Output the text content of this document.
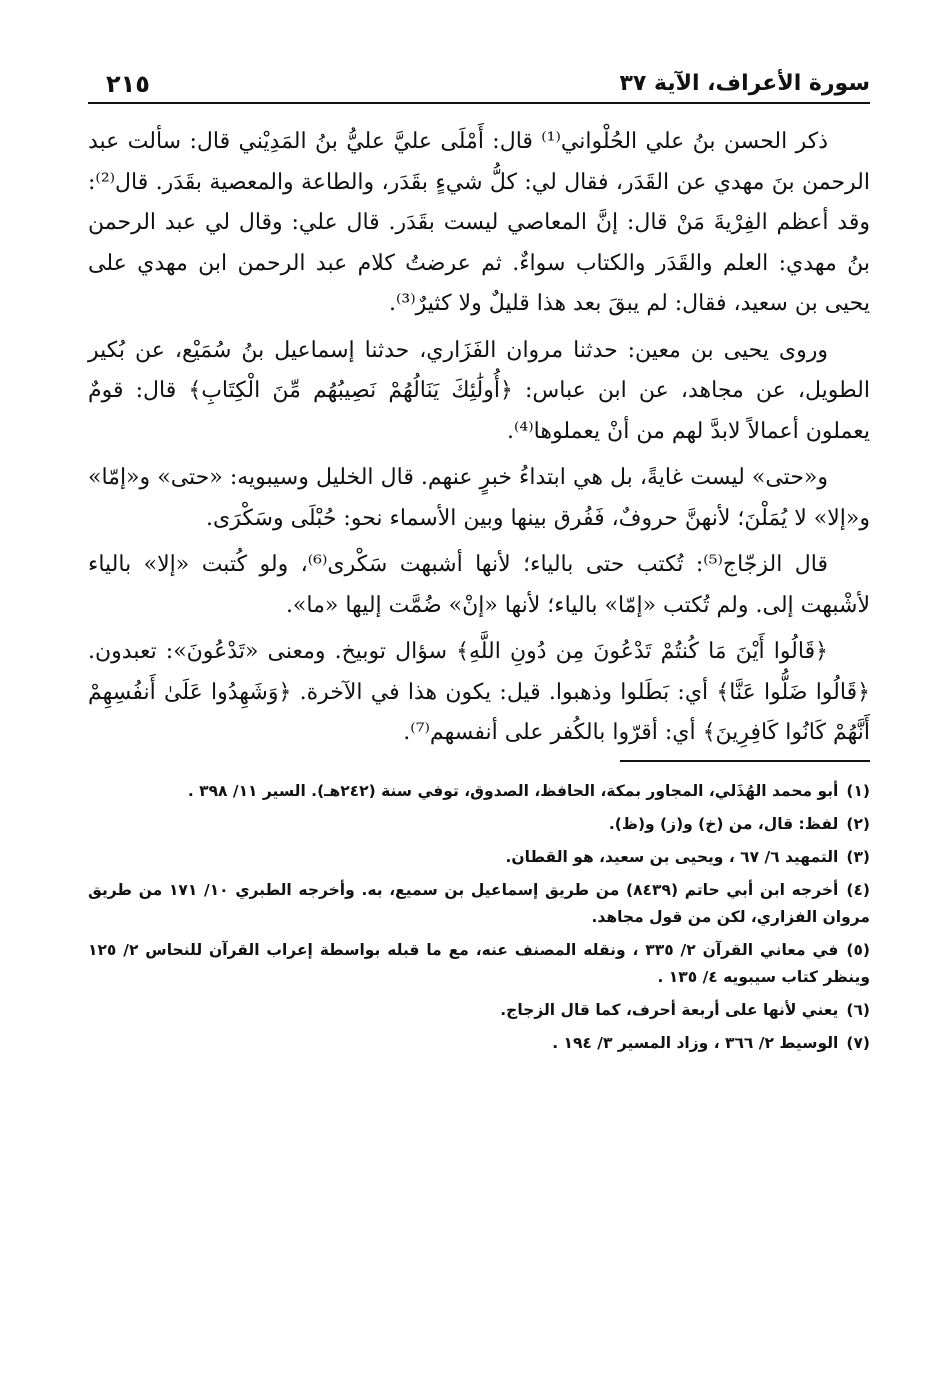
سورة الأعراف، الآية ٣٧
٢١٥

ذكر الحسن بنُ علي الحُلْواني⁽¹⁾ قال: أَمْلَى عليَّ عليُّ بنُ المَدِيْني قال: سألت عبد الرحمن بنَ مهدي عن القَدَر، فقال لي: كلُّ شيءٍ بقَدَر، والطاعة والمعصية بقَدَر. قال⁽²⁾: وقد أعظم الفِرْيةَ مَنْ قال: إنَّ المعاصي ليست بقَدَر. قال علي: وقال لي عبد الرحمن بنُ مهدي: العلم والقَدَر والكتاب سواءٌ. ثم عرضتُ كلام عبد الرحمن ابن مهدي على يحيى بن سعيد، فقال: لم يبقَ بعد هذا قليلٌ ولا كثيرٌ⁽³⁾.

وروى يحيى بن معين: حدثنا مروان الفَزَاري، حدثنا إسماعيل بنُ سُمَيْع، عن بُكير الطويل، عن مجاهد، عن ابن عباس: ﴿أُولَٰئِكَ يَنَالُهُمْ نَصِيبُهُم مِّنَ الْكِتَابِ﴾ قال: قومٌ يعملون أعمالاً لابدَّ لهم من أنْ يعملوها⁽⁴⁾.

و«حتى» ليست غايةً، بل هي ابتداءُ خبرٍ عنهم. قال الخليل وسيبويه: «حتى» و«إمّا» و«إلا» لا يُمَلْنَ؛ لأنهنَّ حروفٌ، فَفُرق بينها وبين الأسماء نحو: حُبْلَى وسَكْرَى.

قال الزجّاج⁽⁵⁾: تُكتب حتى بالياء؛ لأنها أشبهت سَكْرى⁽⁶⁾، ولو كُتبت «إلا» بالياء لأشْبهت إلى. ولم تُكتب «إمّا» بالياء؛ لأنها «إنْ» ضُمَّت إليها «ما».

﴿قَالُوا أَيْنَ مَا كُنتُمْ تَدْعُونَ مِن دُونِ اللَّهِ﴾ سؤال توبيخ. ومعنى «تَدْعُونَ»: تعبدون. ﴿قَالُوا ضَلُّوا عَنَّا﴾ أي: بَطَلوا وذهبوا. قيل: يكون هذا في الآخرة. ﴿وَشَهِدُوا عَلَىٰ أَنفُسِهِمْ أَنَّهُمْ كَانُوا كَافِرِينَ﴾ أي: أقرّوا بالكُفر على أنفسهم⁽⁷⁾.

(١)أبو محمد الهُذَلي، المجاور بمكة، الحافظ، الصدوق، توفي سنة (٢٤٢هـ). السير ١١/ ٣٩٨ .

(٢)لفظ: قال، من (خ) و(ز) و(ظ).

(٣)التمهيد ٦/ ٦٧ ، ويحيى بن سعيد، هو القطان.

(٤)أخرجه ابن أبي حاتم (٨٤٣٩) من طريق إسماعيل بن سميع، به. وأخرجه الطبري ١٠/ ١٧١ من طريق مروان الفزاري، لكن من قول مجاهد.

(٥)في معاني القرآن ٢/ ٣٣٥ ، ونقله المصنف عنه، مع ما قبله بواسطة إعراب القرآن للنحاس ٢/ ١٢٥ وينظر كتاب سيبويه ٤/ ١٣٥ .

(٦)يعني لأنها على أربعة أحرف، كما قال الزجاج.

(٧)الوسيط ٢/ ٣٦٦ ، وزاد المسير ٣/ ١٩٤ .
